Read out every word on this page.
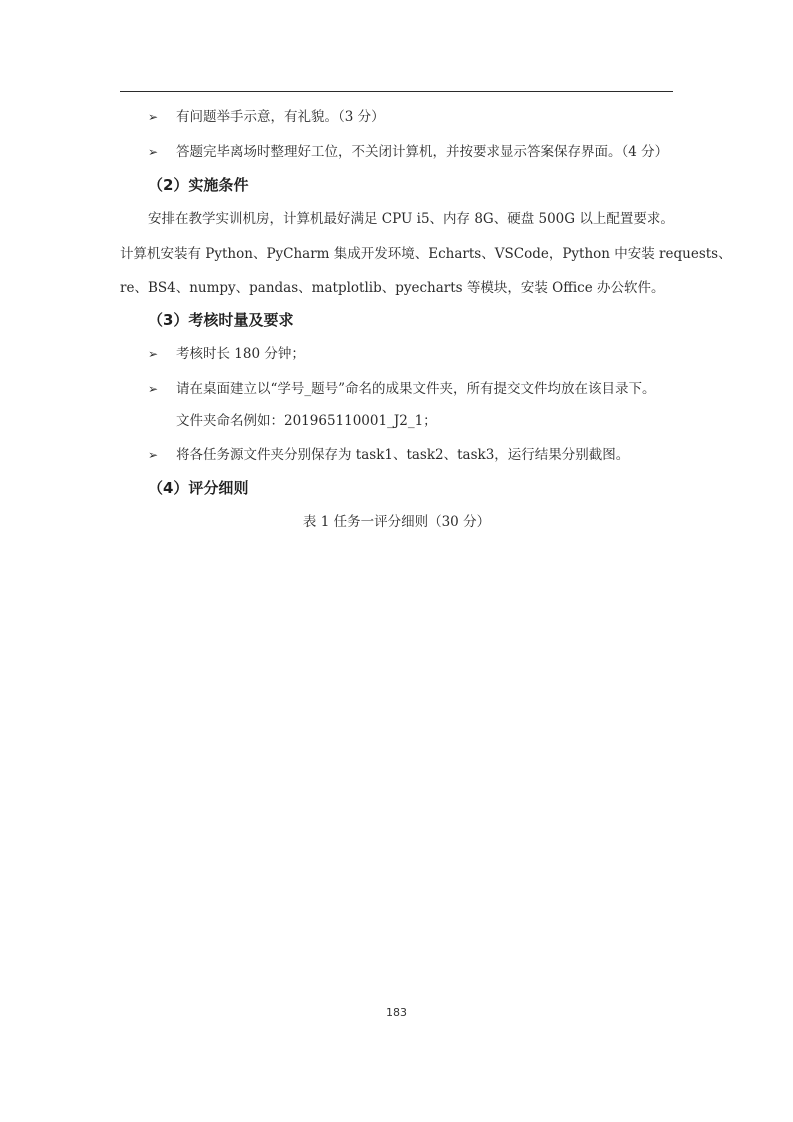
➢ 有问题举手示意，有礼貌。（3 分）
➢ 答题完毕离场时整理好工位，不关闭计算机，并按要求显示答案保存界面。（4 分）
（2）实施条件
安排在教学实训机房，计算机最好满足 CPU i5、内存 8G、硬盘 500G 以上配置要求。
计算机安装有 Python、PyCharm 集成开发环境、Echarts、VSCode，Python 中安装 requests、
re、BS4、numpy、pandas、matplotlib、pyecharts 等模块，安装 Office 办公软件。
（3）考核时量及要求
➢ 考核时长 180 分钟；
➢ 请在桌面建立以“学号_题号”命名的成果文件夹，所有提交文件均放在该目录下。
文件夹命名例如：201965110001_J2_1；
➢ 将各任务源文件夹分别保存为 task1、task2、task3，运行结果分别截图。
（4）评分细则
表 1 任务一评分细则（30 分）
183
